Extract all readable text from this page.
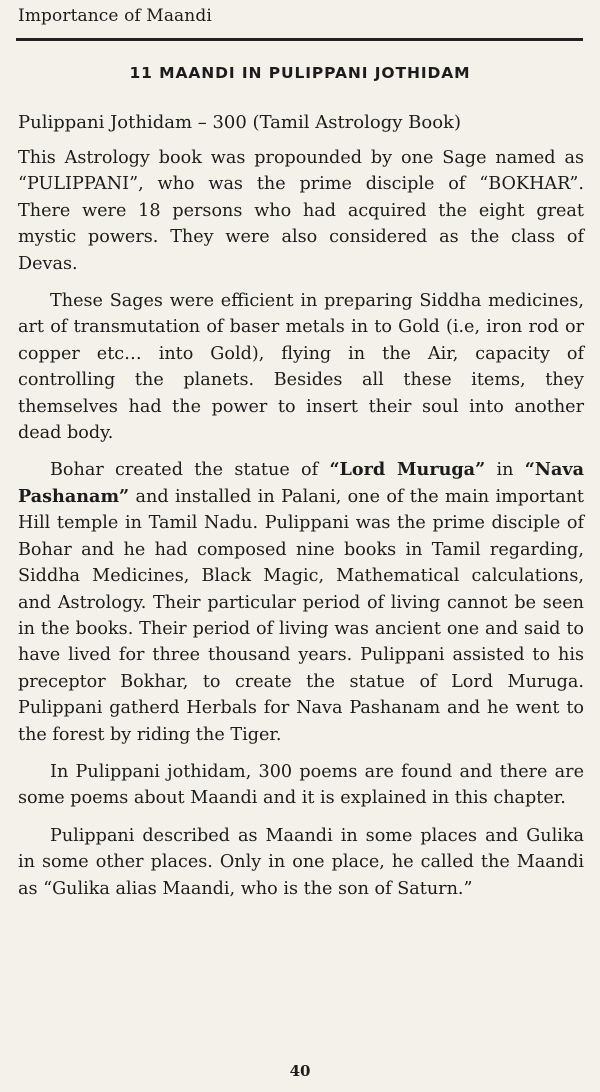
Importance of Maandi
11 MAANDI IN PULIPPANI JOTHIDAM
Pulippani Jothidam – 300 (Tamil Astrology Book)

This Astrology book was propounded by one Sage named as “PULIPPANI”, who was the prime disciple of “BOKHAR”. There were 18 persons who had acquired the eight great mystic powers. They were also considered as the class of Devas.

These Sages were efficient in preparing Siddha medicines, art of transmutation of baser metals in to Gold (i.e, iron rod or copper etc… into Gold), flying in the Air, capacity of controlling the planets. Besides all these items, they themselves had the power to insert their soul into another dead body.

Bohar created the statue of “Lord Muruga” in “Nava Pashanam” and installed in Palani, one of the main important Hill temple in Tamil Nadu. Pulippani was the prime disciple of Bohar and he had composed nine books in Tamil regarding, Siddha Medicines, Black Magic, Mathematical calculations, and Astrology. Their particular period of living cannot be seen in the books. Their period of living was ancient one and said to have lived for three thousand years. Pulippani assisted to his preceptor Bokhar, to create the statue of Lord Muruga. Pulippani gatherd Herbals for Nava Pashanam and he went to the forest by riding the Tiger.

In Pulippani jothidam, 300 poems are found and there are some poems about Maandi and it is explained in this chapter.

Pulippani described as Maandi in some places and Gulika in some other places. Only in one place, he called the Maandi as “Gulika alias Maandi, who is the son of Saturn.”

40
